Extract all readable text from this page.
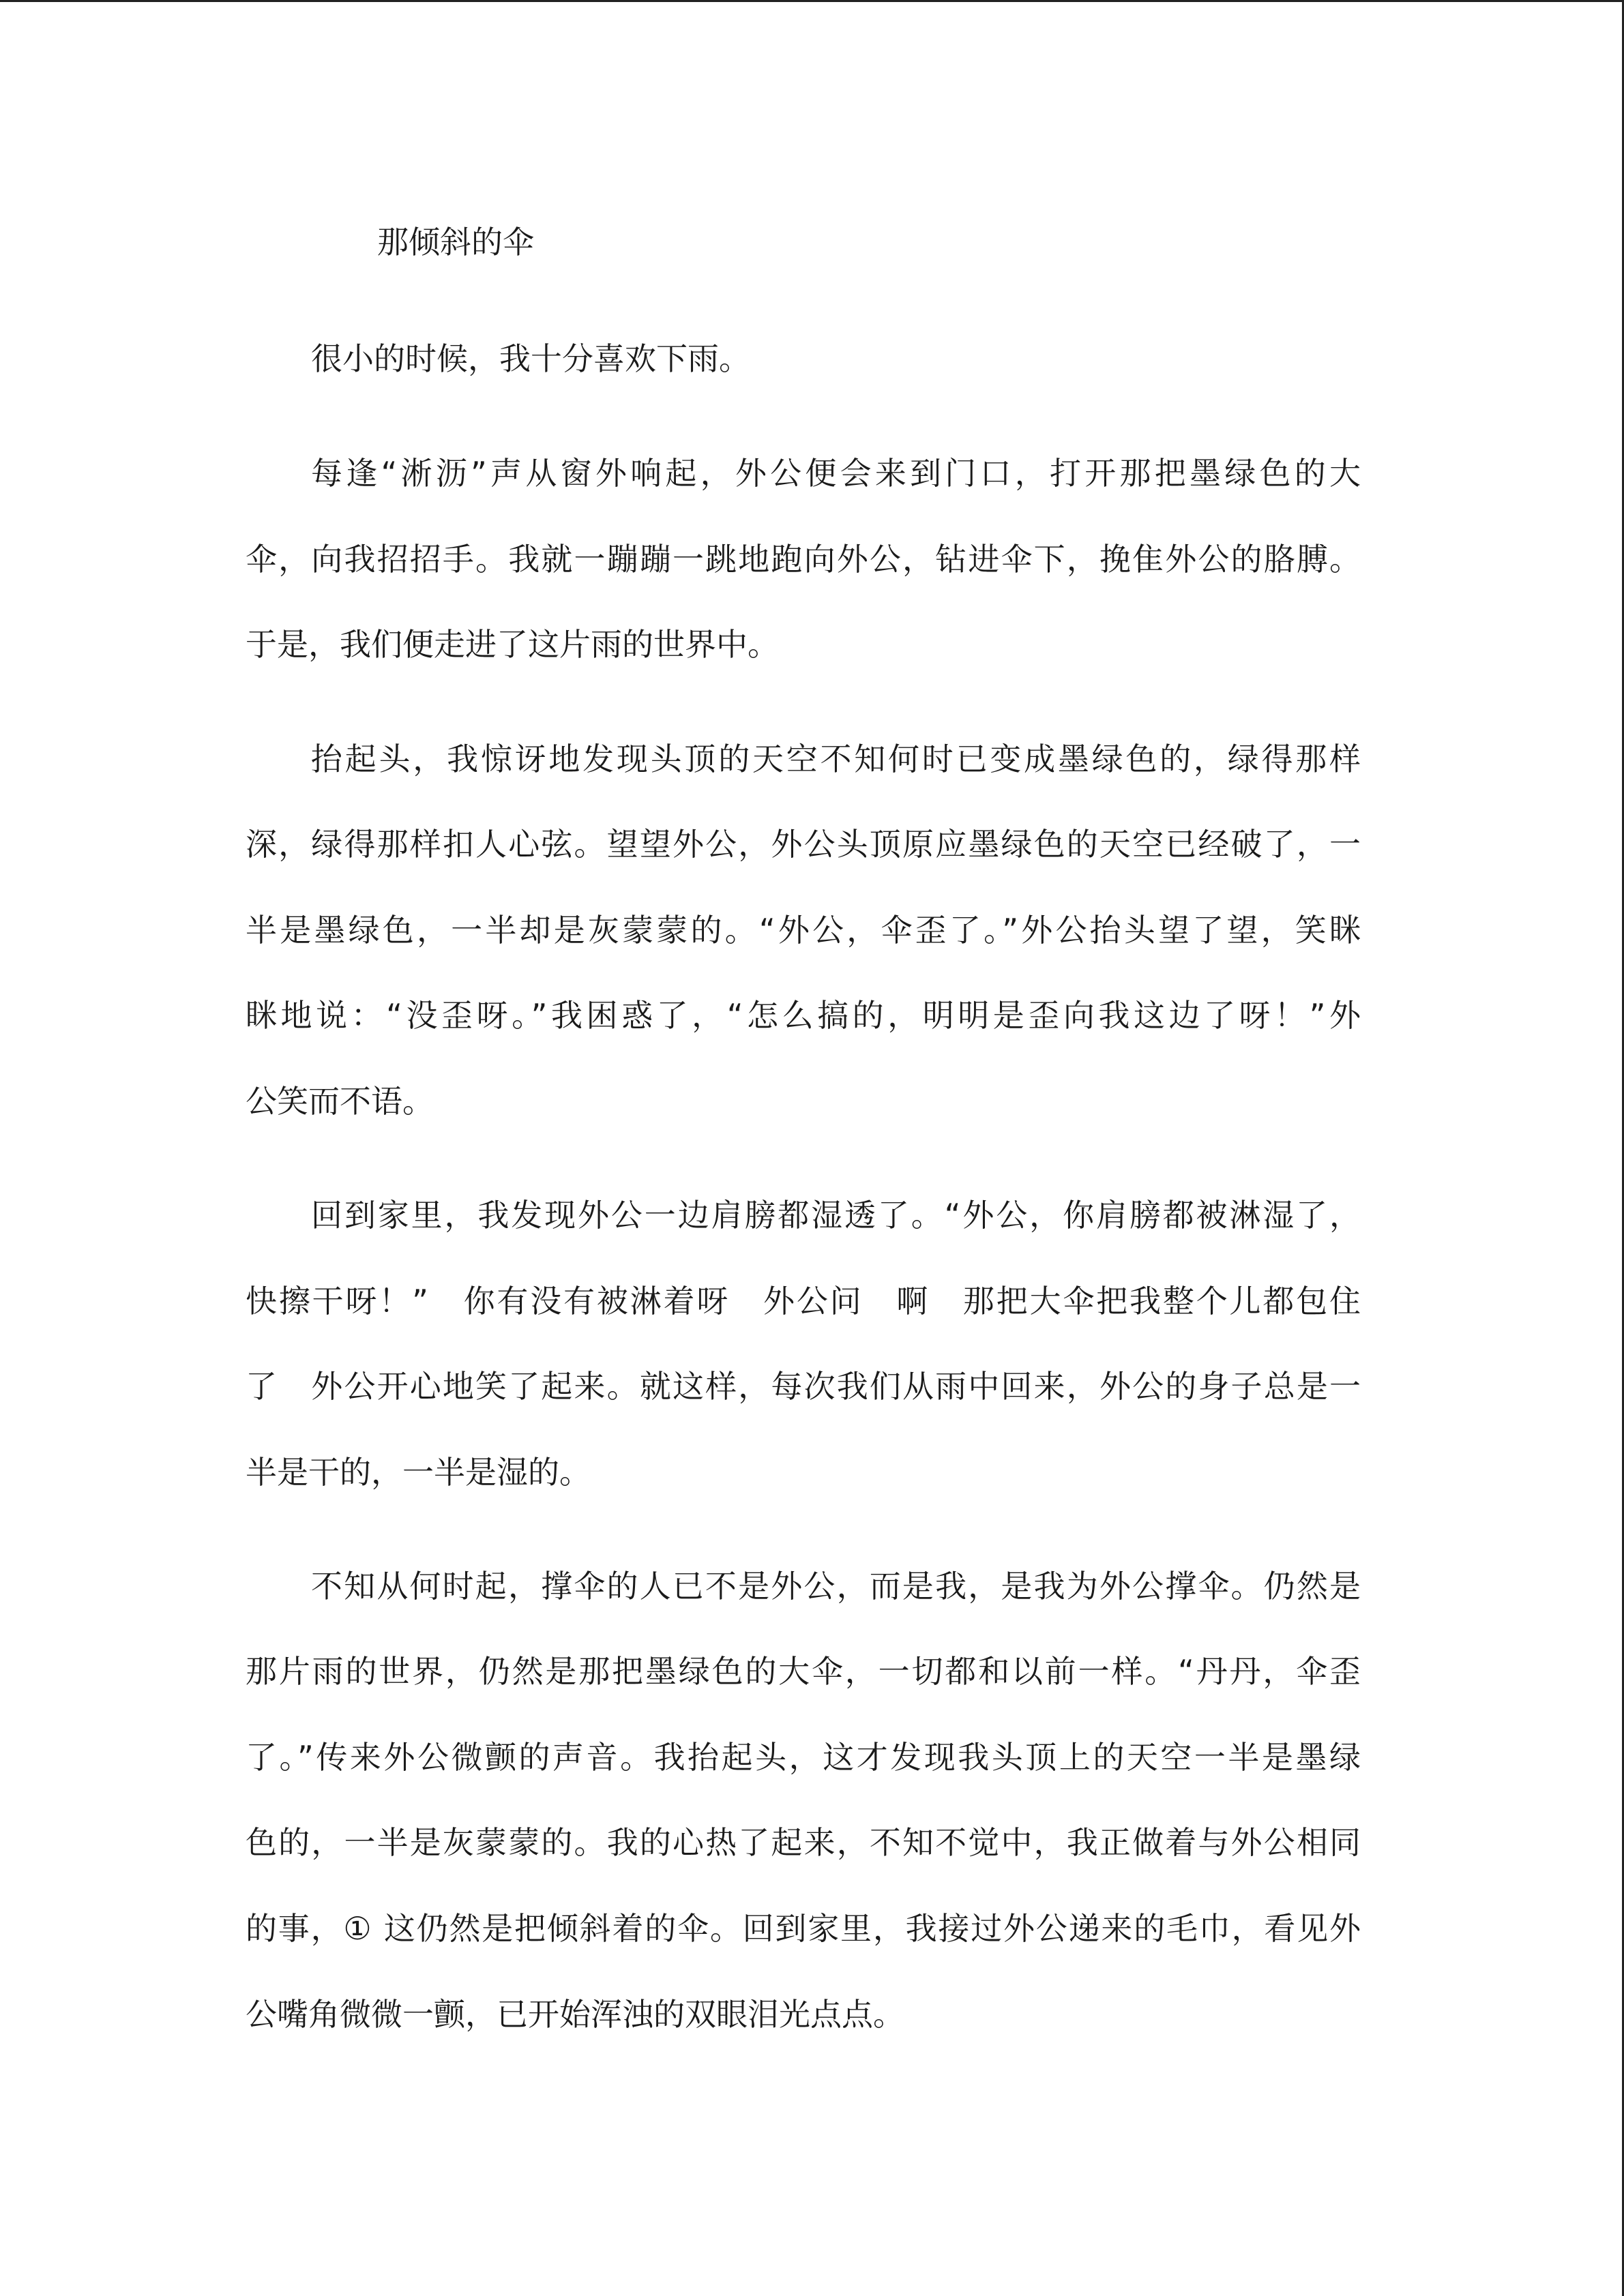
那倾斜的伞
很小的时候，我十分喜欢下雨。
每逢“淅沥”声从窗外响起，外公便会来到门口，打开那把墨绿色的大
伞，向我招招手。我就一蹦蹦一跳地跑向外公，钻进伞下，挽隹外公的胳膊。
于是，我们便走进了这片雨的世界中。
抬起头，我惊讶地发现头顶的天空不知何时已变成墨绿色的，绿得那样
深，绿得那样扣人心弦。望望外公，外公头顶原应墨绿色的天空已经破了，一
半是墨绿色，一半却是灰蒙蒙的。“外公，伞歪了。”外公抬头望了望，笑眯
眯地说：“没歪呀。”我困惑了，“怎么搞的，明明是歪向我这边了呀！”外
公笑而不语。
回到家里，我发现外公一边肩膀都湿透了。“外公，你肩膀都被淋湿了，
快擦干呀！”　你有没有被淋着呀　外公问　啊　那把大伞把我整个儿都包住
了　外公开心地笑了起来。就这样，每次我们从雨中回来，外公的身子总是一
半是干的，一半是湿的。
不知从何时起，撑伞的人已不是外公，而是我，是我为外公撑伞。仍然是
那片雨的世界，仍然是那把墨绿色的大伞，一切都和以前一样。“丹丹，伞歪
了。”传来外公微颤的声音。我抬起头，这才发现我头顶上的天空一半是墨绿
色的，一半是灰蒙蒙的。我的心热了起来，不知不觉中，我正做着与外公相同
的事，① 这仍然是把倾斜着的伞。回到家里，我接过外公递来的毛巾，看见外
公嘴角微微一颤，已开始浑浊的双眼泪光点点。
